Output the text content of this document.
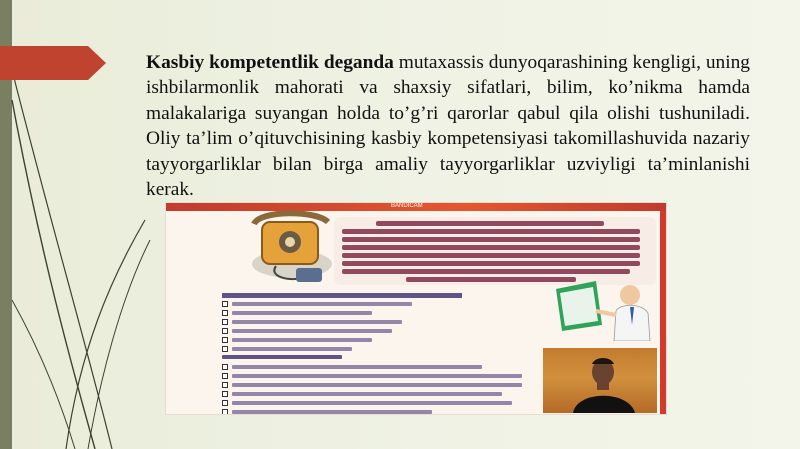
Kasbiy kompetentlik deganda mutaxassis dunyoqarashining kengligi, uning ishbilarmonlik mahorati va shaxsiy sifatlari, bilim, ko’nikma hamda malakalariga suyangan holda to’g’ri qarorlar qabul qila olishi tushuniladi. Oliy ta’lim o’qituvchisining kasbiy kompetensiyasi takomillashuvida nazariy tayyorgarliklar bilan birga amaliy tayyorgarliklar uzviyligi ta’minlanishi kerak.
BANDICAM
